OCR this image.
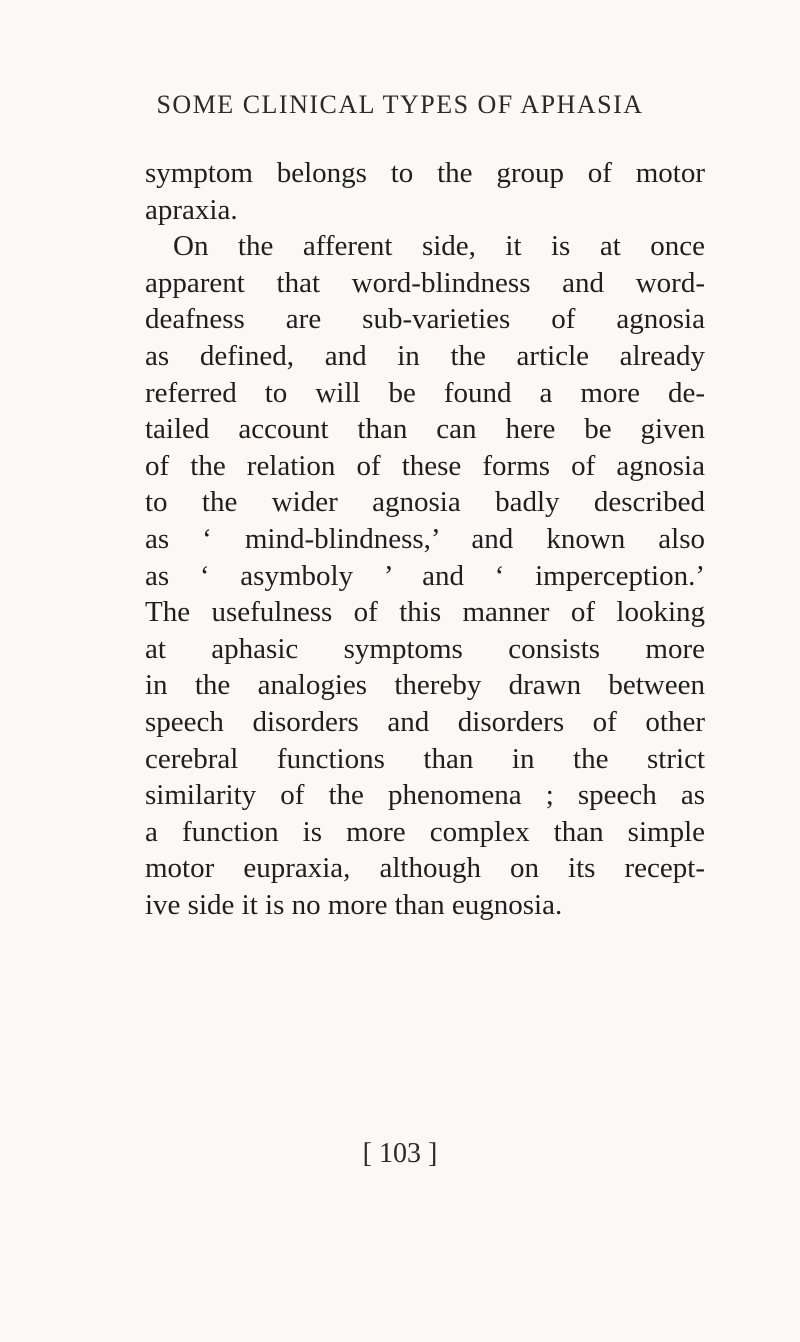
SOME CLINICAL TYPES OF APHASIA
symptom belongs to the group of motor
apraxia.
On the afferent side, it is at once
apparent that word-blindness and word-
deafness are sub-varieties of agnosia
as defined, and in the article already
referred to will be found a more de-
tailed account than can here be given
of the relation of these forms of agnosia
to the wider agnosia badly described
as ‘ mind-blindness,’ and known also
as ‘ asymboly ’ and ‘ imperception.’
The usefulness of this manner of looking
at aphasic symptoms consists more
in the analogies thereby drawn between
speech disorders and disorders of other
cerebral functions than in the strict
similarity of the phenomena ; speech as
a function is more complex than simple
motor eupraxia, although on its recept-
ive side it is no more than eugnosia.
[ 103 ]
